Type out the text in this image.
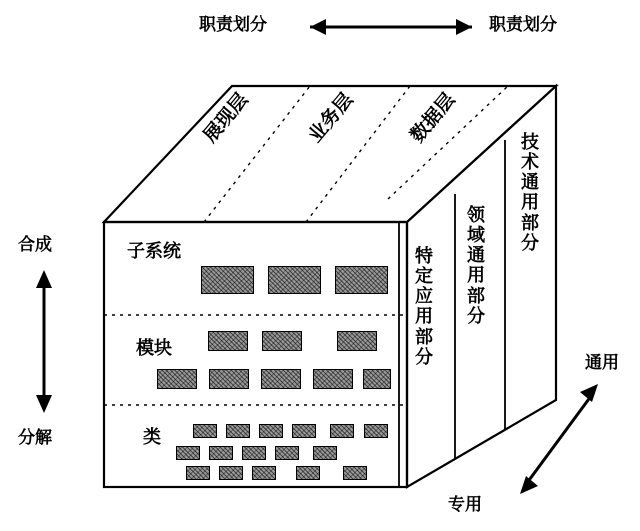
职责划分	职责划分
合成
分解
通用
专用
展现层	业务层	数据层
特
定
应
用
部
分
领
域
通
用
部
分
技
术
通
用
部
分
子系统
模块
类
